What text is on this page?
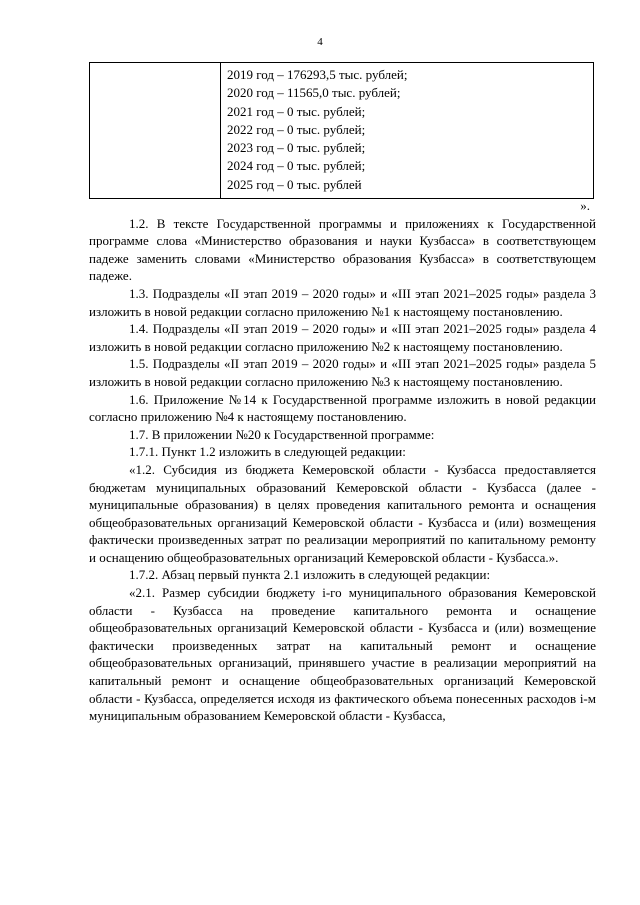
4

2019 год – 176293,5 тыс. рублей;
2020 год – 11565,0 тыс. рублей;
2021 год – 0 тыс. рублей;
2022 год – 0 тыс. рублей;
2023 год – 0 тыс. рублей;
2024 год – 0 тыс. рублей;
2025 год – 0 тыс. рублей
».

1.2. В тексте Государственной программы и приложениях к Государственной программе слова «Министерство образования и науки Кузбасса» в соответствующем падеже заменить словами «Министерство образования Кузбасса» в соответствующем падеже.

1.3. Подразделы «II этап 2019 – 2020 годы» и «III этап 2021–2025 годы» раздела 3 изложить в новой редакции согласно приложению №1 к настоящему постановлению.

1.4. Подразделы «II этап 2019 – 2020 годы» и «III этап 2021–2025 годы» раздела 4 изложить в новой редакции согласно приложению №2 к настоящему постановлению.

1.5. Подразделы «II этап 2019 – 2020 годы» и «III этап 2021–2025 годы» раздела 5 изложить в новой редакции согласно приложению №3 к настоящему постановлению.

1.6. Приложение №14 к Государственной программе изложить в новой редакции согласно приложению №4 к настоящему постановлению.

1.7. В приложении №20 к Государственной программе:

1.7.1. Пункт 1.2 изложить в следующей редакции:

«1.2. Субсидия из бюджета Кемеровской области - Кузбасса предоставляется бюджетам муниципальных образований Кемеровской области - Кузбасса (далее - муниципальные образования) в целях проведения капитального ремонта и оснащения общеобразовательных организаций Кемеровской области - Кузбасса и (или) возмещения фактически произведенных затрат по реализации мероприятий по капитальному ремонту и оснащению общеобразовательных организаций Кемеровской области - Кузбасса.».

1.7.2. Абзац первый пункта 2.1 изложить в следующей редакции:

«2.1. Размер субсидии бюджету i-го муниципального образования Кемеровской области - Кузбасса на проведение капитального ремонта и оснащение общеобразовательных организаций Кемеровской области - Кузбасса и (или) возмещение фактически произведенных затрат на капитальный ремонт и оснащение общеобразовательных организаций, принявшего участие в реализации мероприятий на капитальный ремонт и оснащение общеобразовательных организаций Кемеровской области - Кузбасса, определяется исходя из фактического объема понесенных расходов i-м муниципальным образованием Кемеровской области - Кузбасса,
